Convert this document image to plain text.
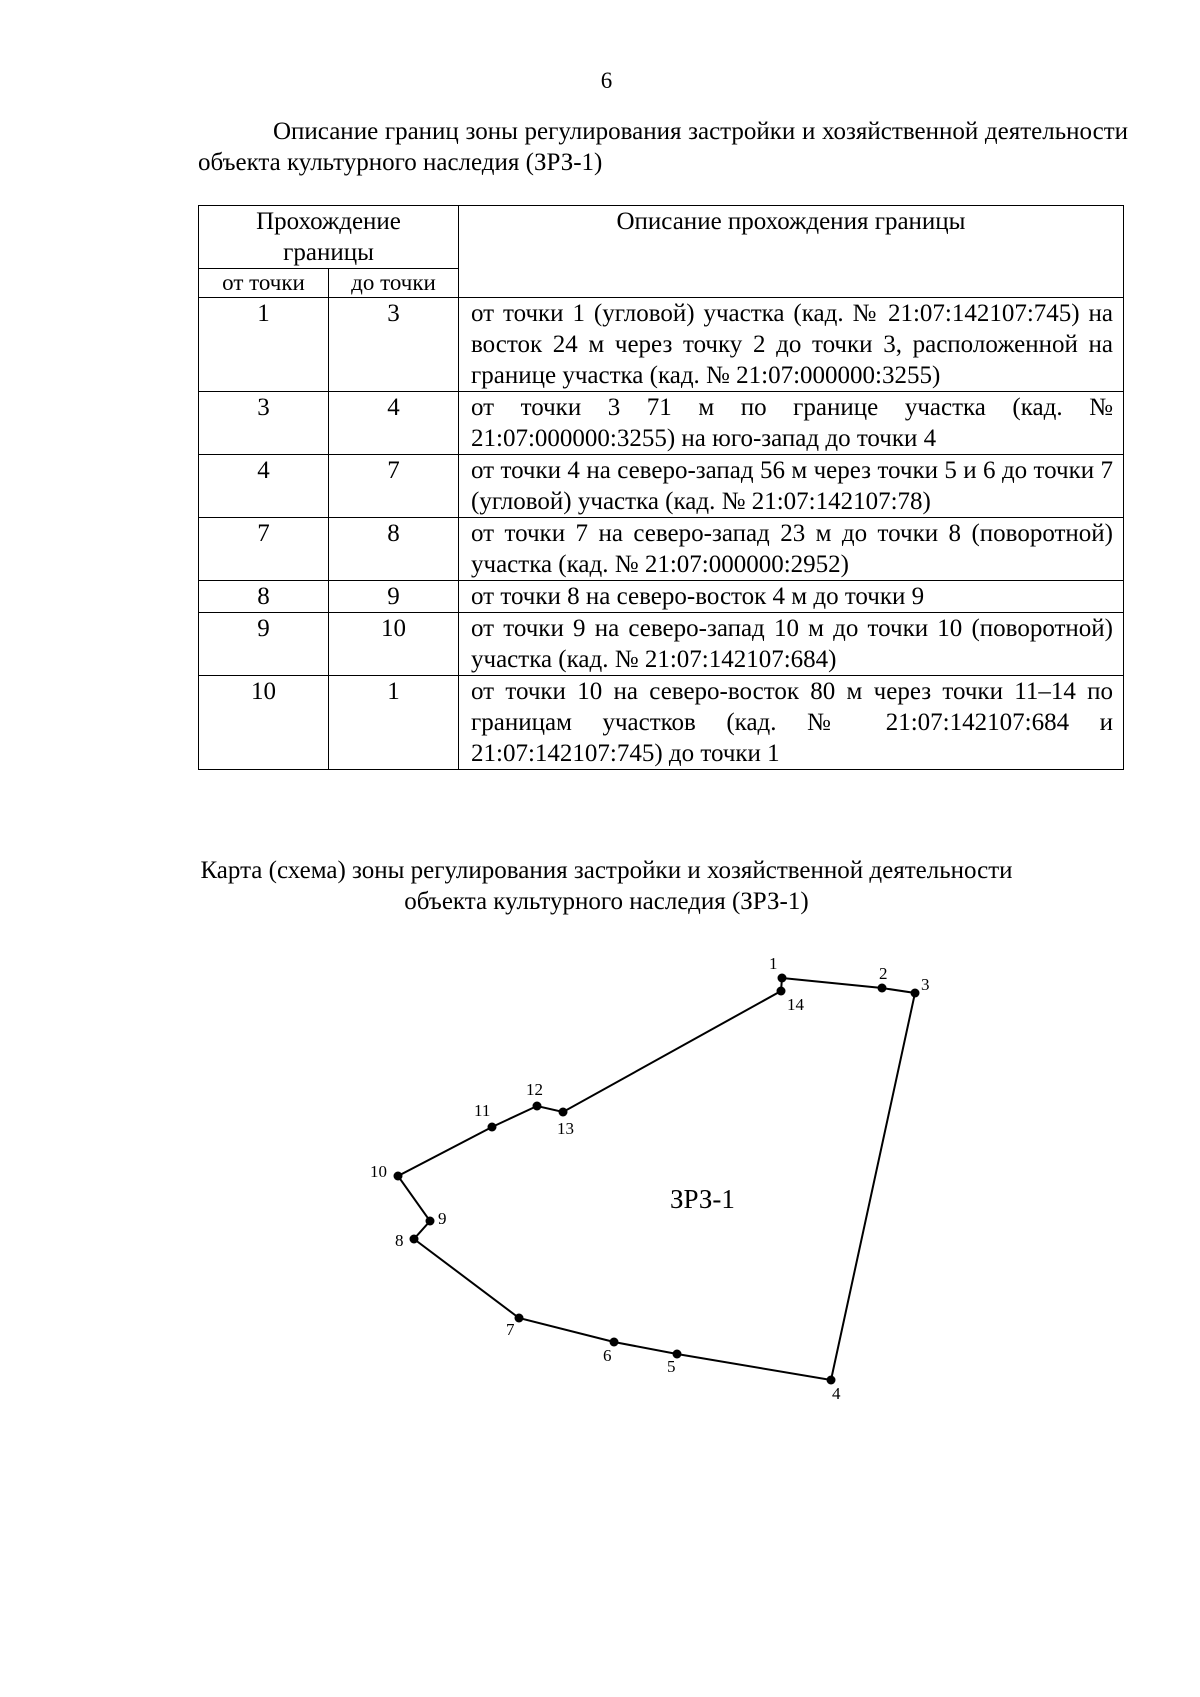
6
Описание границ зоны регулирования застройки и хозяйственной деятельности объекта культурного наследия (ЗРЗ-1)
Прохождение границы		Описание прохождения границы
от точки	до точки	
1	3	от точки 1 (угловой) участка (кад. № 21:07:142107:745) на восток 24 м через точку 2 до точки 3, расположенной на границе участка (кад. № 21:07:000000:3255)
3	4	от точки 3 71 м по границе участка (кад. № 21:07:000000:3255) на юго-запад до точки 4
4	7	от точки 4 на северо-запад 56 м через точки 5 и 6 до точки 7 (угловой) участка (кад. № 21:07:142107:78)
7	8	от точки 7 на северо-запад 23 м до точки 8 (поворотной) участка (кад. № 21:07:000000:2952)
8	9	от точки 8 на северо-восток 4 м до точки 9
9	10	от точки 9 на северо-запад 10 м до точки 10 (поворотной) участка (кад. № 21:07:142107:684)
10	1	от точки 10 на северо-восток 80 м через точки 11–14 по границам участков (кад. № 21:07:142107:684 и 21:07:142107:745) до точки 1
Карта (схема) зоны регулирования застройки и хозяйственной деятельности
объекта культурного наследия (ЗРЗ-1)
1
2
3
4
5
6
7
8
9
10
11
12
13
14
ЗРЗ-1
